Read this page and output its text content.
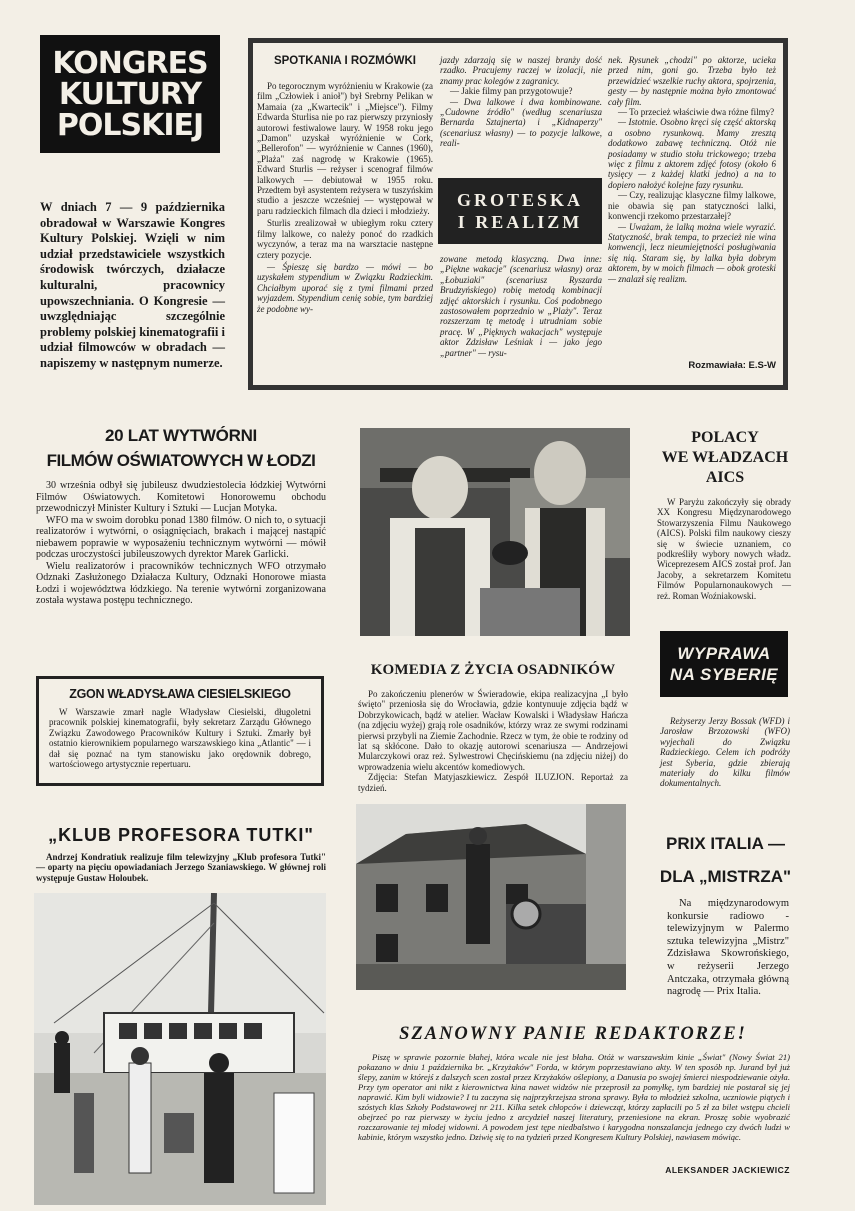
KONGRES
KULTURY
POLSKIEJ
W dniach 7 — 9 października obradował w Warszawie Kongres Kultury Polskiej. Wzięli w nim udział przedstawiciele wszystkich środowisk twórczych, działacze kulturalni, pracownicy upowszechniania. O Kongresie — uwzględniając szczególnie problemy polskiej kinematografii i udział filmowców w obradach — napiszemy w następnym numerze.
SPOTKANIA I ROZMÓWKI

Po tegorocznym wyróżnieniu w Krakowie (za film „Człowiek i anioł") był Srebrny Pelikan w Mamaia (za „Kwartecik" i „Miejsce"). Filmy Edwarda Sturlisa nie po raz pierwszy przyniosły autorowi festiwalowe laury. W 1958 roku jego „Damon" uzyskał wyróżnienie w Cork, „Bellerofon" — wyróżnienie w Cannes (1960), „Plaża" zaś nagrodę w Krakowie (1965). Edward Sturlis — reżyser i scenograf filmów lalkowych — debiutował w 1955 roku. Przedtem był asystentem reżysera w tuszyńskim studio a jeszcze wcześniej — występował w paru radzieckich filmach dla dzieci i młodzieży.

Sturlis zrealizował w ubiegłym roku cztery filmy lalkowe, co należy ponoć do rzadkich wyczynów, a teraz ma na warsztacie następne cztery pozycje.

— Śpieszę się bardzo — mówi — bo uzyskałem stypendium w Związku Radzieckim. Chciałbym uporać się z tymi filmami przed wyjazdem. Stypendium cenię sobie, tym bardziej że podobne wy-

jazdy zdarzają się w naszej branży dość rzadko. Pracujemy raczej w izolacji, nie znamy prac kolegów z zagranicy.

— Jakie filmy pan przygotowuje?

— Dwa lalkowe i dwa kombinowane. „Cudowne źródło" (według scenariusza Bernarda Sztajnerta) i „Kidnaperzy" (scenariusz własny) — to pozycje lalkowe, reali-

GROTESKA
I REALIZM

zowane metodą klasyczną. Dwa inne: „Piękne wakacje" (scenariusz własny) oraz „Łobuziaki" (scenariusz Ryszarda Brudzyńskiego) robię metodą kombinacji zdjęć aktorskich i rysunku. Coś podobnego zastosowałem poprzednio w „Plaży". Teraz rozszerzam tę metodę i utrudniam sobie pracę. W „Pięknych wakacjach" występuje aktor Zdzisław Leśniak i — jako jego „partner" — rysu-

nek. Rysunek „chodzi" po aktorze, ucieka przed nim, goni go. Trzeba było też przewidzieć wszelkie ruchy aktora, spojrzenia, gesty — by następnie można było zmontować cały film.

— To przecież właściwie dwa różne filmy?

— Istotnie. Osobno kręci się część aktorską a osobno rysunkową. Mamy zresztą dodatkowo zabawę techniczną. Otóż nie posiadamy w studio stołu trickowego; trzeba więc z filmu z aktorem zdjęć fotosy (około 6 tysięcy — z każdej klatki jedno) a na to dopiero nałożyć kolejne fazy rysunku.

— Czy, realizując klasyczne filmy lalkowe, nie obawia się pan statyczności lalki, konwencji rzekomo przestarzałej?

— Uważam, że lalką można wiele wyrazić. Statyczność, brak tempa, to przecież nie wina konwencji, lecz nieumiejętności posługiwania się nią. Staram się, by lalka była dobrym aktorem, by w moich filmach — obok groteski — znalazł się realizm.

Rozmawiała: E.S-W
20 LAT WYTWÓRNI
FILMÓW OŚWIATOWYCH W ŁODZI

30 września odbył się jubileusz dwudziestolecia łódzkiej Wytwórni Filmów Oświatowych. Komitetowi Honorowemu obchodu przewodniczył Minister Kultury i Sztuki — Lucjan Motyka.

WFO ma w swoim dorobku ponad 1380 filmów. O nich to, o sytuacji realizatorów i wytwórni, o osiągnięciach, brakach i mającej nastąpić niebawem poprawie w wyposażeniu technicznym wytwórni — mówił podczas uroczystości jubileuszowych dyrektor Marek Garlicki.

Wielu realizatorów i pracowników technicznych WFO otrzymało Odznaki Zasłużonego Działacza Kultury, Odznaki Honorowe miasta Łodzi i województwa łódzkiego. Na terenie wytwórni zorganizowana została wystawa postępu technicznego.

ZGON WŁADYSŁAWA CIESIELSKIEGO

W Warszawie zmarł nagle Władysław Ciesielski, długoletni pracownik polskiej kinematografii, były sekretarz Zarządu Głównego Związku Zawodowego Pracowników Kultury i Sztuki. Zmarły był ostatnio kierownikiem popularnego warszawskiego kina „Atlantic" — i dał się poznać na tym stanowisku jako orędownik dobrego, wartościowego artystycznie repertuaru.

„KLUB PROFESORA TUTKI"

Andrzej Kondratiuk realizuje film telewizyjny „Klub profesora Tutki" — oparty na pięciu opowiadaniach Jerzego Szaniawskiego. W głównej roli występuje Gustaw Holoubek.

KOMEDIA Z ŻYCIA OSADNIKÓW

Po zakończeniu plenerów w Świeradowie, ekipa realizacyjna „I było święto" przeniosła się do Wrocławia, gdzie kontynuuje zdjęcia bądź w Dobrzykowicach, bądź w atelier. Wacław Kowalski i Władysław Hańcza (na zdjęciu wyżej) grają role osadników, którzy wraz ze swymi rodzinami pierwsi przybyli na Ziemie Zachodnie. Rzecz w tym, że obie te rodziny od lat są skłócone. Dało to okazję autorowi scenariusza — Andrzejowi Mularczykowi oraz reż. Sylwestrowi Chęcińskiemu (na zdjęciu niżej) do wprowadzenia wielu akcentów komediowych.

Zdjęcia: Stefan Matyjaszkiewicz. Zespół ILUZJON. Reportaż za tydzień.

POLACY
WE WŁADZACH
AICS

W Paryżu zakończyły się obrady XX Kongresu Międzynarodowego Stowarzyszenia Filmu Naukowego (AICS). Polski film naukowy cieszy się w świecie uznaniem, co podkreśliły wybory nowych władz. Wiceprezesem AICS został prof. Jan Jacoby, a sekretarzem Komitetu Filmów Popularnonaukowych — reż. Roman Woźniakowski.

WYPRAWA
NA SYBERIĘ

Reżyserzy Jerzy Bossak (WFD) i Jarosław Brzozowski (WFO) wyjechali do Związku Radzieckiego. Celem ich podróży jest Syberia, gdzie zbierają materiały do kilku filmów dokumentalnych.

PRIX ITALIA —
DLA „MISTRZA"

Na międzynarodowym konkursie radiowo - telewizyjnym w Palermo sztuka telewizyjna „Mistrz" Zdzisława Skowrońskiego, w reżyserii Jerzego Antczaka, otrzymała główną nagrodę — Prix Italia.

SZANOWNY PANIE REDAKTORZE!

Piszę w sprawie pozornie błahej, która wcale nie jest błaha. Otóż w warszawskim kinie „Świat" (Nowy Świat 21) pokazano w dniu 1 października br. „Krzyżaków" Forda, w którym poprzestawiano akty. W ten sposób np. Jurand był już ślepy, zanim w którejś z dalszych scen został przez Krzyżaków oślepiony, a Danusia po swojej śmierci niespodziewanie ożyła. Przy tym operator ani nikt z kierownictwa kina nawet widzów nie przeprosił za pomyłkę, tym bardziej nie postarał się jej naprawić. Kim byli widzowie? I tu zaczyna się najprzykrzejsza strona sprawy. Była to młodzież szkolna, uczniowie piątych i szóstych klas Szkoły Podstawowej nr 211. Kilka setek chłopców i dziewcząt, którzy zapłacili po 5 zł za bilet wstępu chcieli obejrzeć po raz pierwszy w życiu jedno z arcydzieł naszej literatury, przeniesione na ekran. Proszę sobie wyobrazić rozczarowanie tej młodej widowni. A powodem jest tępe niedbalstwo i karygodna nonszalancja jednego czy dwóch ludzi w kabinie, którym wszystko jedno. Dziwię się to na tydzień przed Kongresem Kultury Polskiej, nawiasem mówiąc.

ALEKSANDER JACKIEWICZ
